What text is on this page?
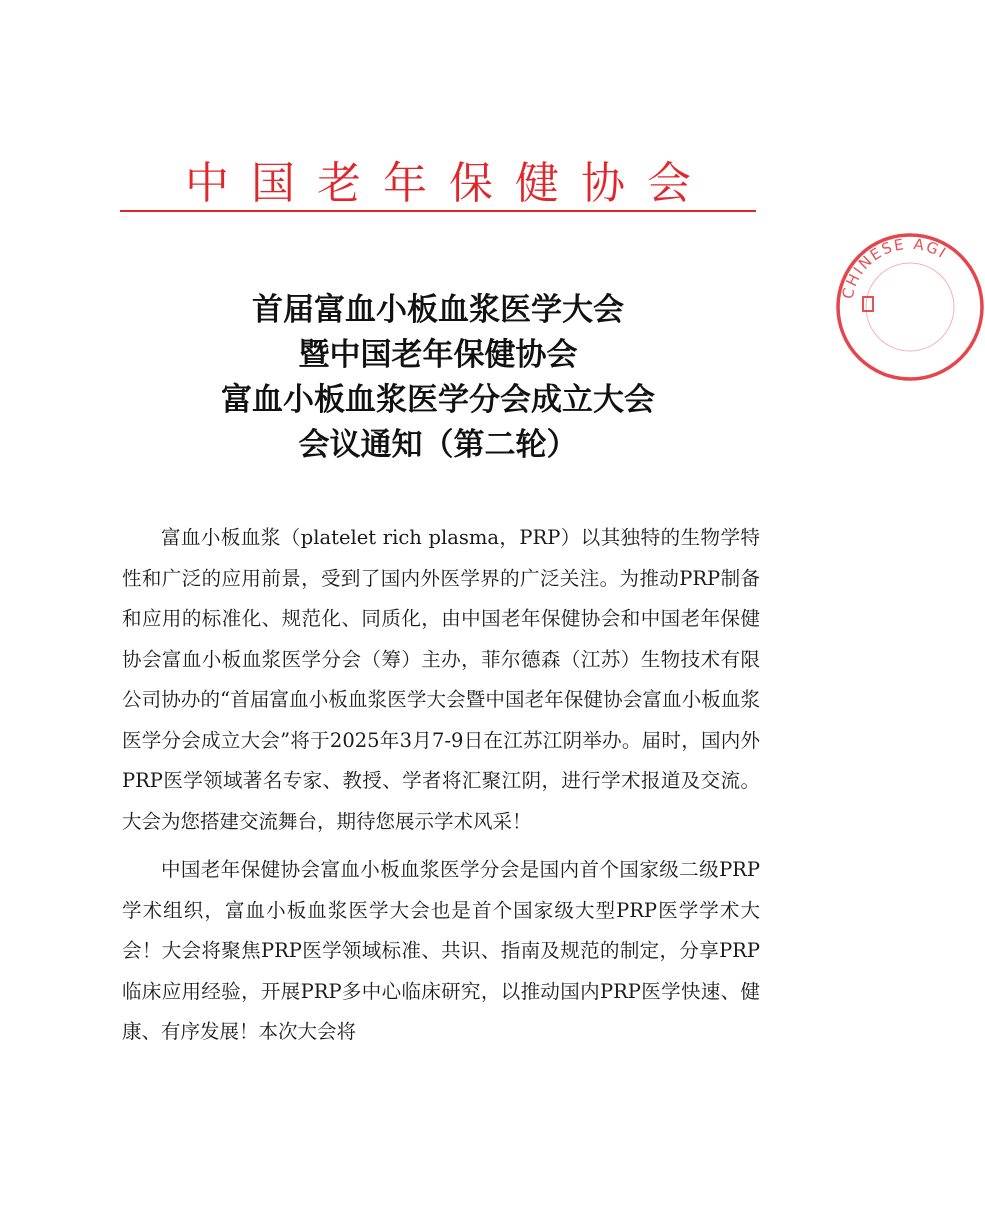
中国老年保健协会
首届富血小板血浆医学大会
暨中国老年保健协会
富血小板血浆医学分会成立大会
会议通知（第二轮）

富血小板血浆（platelet rich plasma，PRP）以其独特的生物学特性和广泛的应用前景，受到了国内外医学界的广泛关注。为推动PRP制备和应用的标准化、规范化、同质化，由中国老年保健协会和中国老年保健协会富血小板血浆医学分会（筹）主办，菲尔德森（江苏）生物技术有限公司协办的“首届富血小板血浆医学大会暨中国老年保健协会富血小板血浆医学分会成立大会”将于2025年3月7-9日在江苏江阴举办。届时，国内外PRP医学领域著名专家、教授、学者将汇聚江阴，进行学术报道及交流。大会为您搭建交流舞台，期待您展示学术风采！

中国老年保健协会富血小板血浆医学分会是国内首个国家级二级PRP学术组织，富血小板血浆医学大会也是首个国家级大型PRP医学学术大会！大会将聚焦PRP医学领域标准、共识、指南及规范的制定，分享PRP临床应用经验，开展PRP多中心临床研究，以推动国内PRP医学快速、健康、有序发展！本次大会将

CHINESE AGI
